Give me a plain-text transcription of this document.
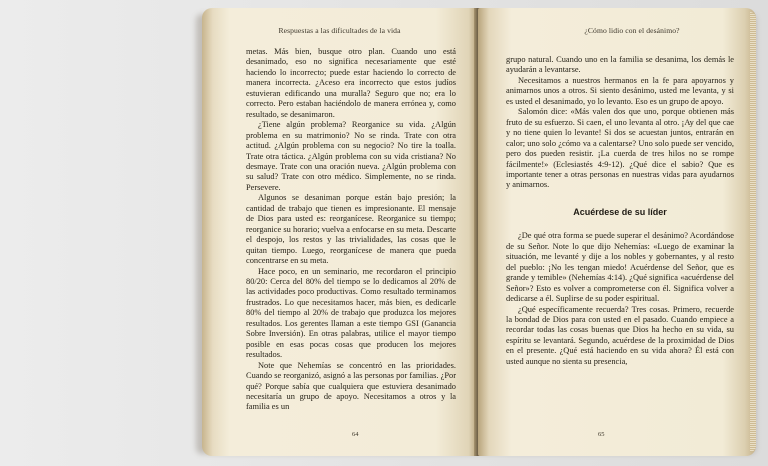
Respuestas a las dificultades de la vida

metas. Más bien, busque otro plan. Cuando uno está desanimado, eso no significa necesariamente que esté haciendo lo incorrecto; puede estar haciendo lo correcto de manera incorrecta. ¿Aceso era incorrecto que estos judíos estuvieran edificando una muralla? Seguro que no; era lo correcto. Pero estaban haciéndolo de manera errónea y, como resultado, se desanimaron.

¿Tiene algún problema? Reorganice su vida. ¿Algún problema en su matrimonio? No se rinda. Trate con otra actitud. ¿Algún problema con su negocio? No tire la toalla. Trate otra táctica. ¿Algún problema con su vida cristiana? No desmaye. Trate con una oración nueva. ¿Algún problema con su salud? Trate con otro médico. Simplemente, no se rinda. Persevere.

Algunos se desaniman porque están bajo presión; la cantidad de trabajo que tienen es impresionante. El mensaje de Dios para usted es: reorganícese. Reorganice su tiempo; reorganice su horario; vuelva a enfocarse en su meta. Descarte el despojo, los restos y las trivialidades, las cosas que le quitan tiempo. Luego, reorganícese de manera que pueda concentrarse en su meta.

Hace poco, en un seminario, me recordaron el principio 80/20: Cerca del 80% del tiempo se lo dedicamos al 20% de las actividades poco productivas. Como resultado terminamos frustrados. Lo que necesitamos hacer, más bien, es dedicarle 80% del tiempo al 20% de trabajo que produzca los mejores resultados. Los gerentes llaman a este tiempo GSI (Ganancia Sobre Inversión). En otras palabras, utilice el mayor tiempo posible en esas pocas cosas que producen los mejores resultados.

Note que Nehemías se concentró en las prioridades. Cuando se reorganizó, asignó a las personas por familias. ¿Por qué? Porque sabía que cualquiera que estuviera desanimado necesitaría un grupo de apoyo. Necesitamos a otros y la familia es un

64
¿Cómo lidio con el desánimo?

grupo natural. Cuando uno en la familia se desanima, los demás le ayudarán a levantarse.

Necesitamos a nuestros hermanos en la fe para apoyarnos y animarnos unos a otros. Si siento desánimo, usted me levanta, y si es usted el desanimado, yo lo levanto. Eso es un grupo de apoyo.

Salomón dice: «Más valen dos que uno, porque obtienen más fruto de su esfuerzo. Si caen, el uno levanta al otro. ¡Ay del que cae y no tiene quien lo levante! Si dos se acuestan juntos, entrarán en calor; uno solo ¿cómo va a calentarse? Uno solo puede ser vencido, pero dos pueden resistir. ¡La cuerda de tres hilos no se rompe fácilmente!» (Eclesiastés 4:9-12). ¿Qué dice el sabio? Que es importante tener a otras personas en nuestras vidas para ayudarnos y animarnos.

Acuérdese de su líder

¿De qué otra forma se puede superar el desánimo? Acordándose de su Señor. Note lo que dijo Nehemías: «Luego de examinar la situación, me levanté y dije a los nobles y gobernantes, y al resto del pueblo: ¡No les tengan miedo! Acuérdense del Señor, que es grande y temible» (Nehemías 4:14). ¿Qué significa «acuérdense del Señor»? Esto es volver a comprometerse con él. Significa volver a dedicarse a él. Suplirse de su poder espiritual.

¿Qué específicamente recuerda? Tres cosas. Primero, recuerde la bondad de Dios para con usted en el pasado. Cuando empiece a recordar todas las cosas buenas que Dios ha hecho en su vida, su espíritu se levantará. Segundo, acuérdese de la proximidad de Dios en el presente. ¿Qué está haciendo en su vida ahora? Él está con usted aunque no sienta su presencia,

65
